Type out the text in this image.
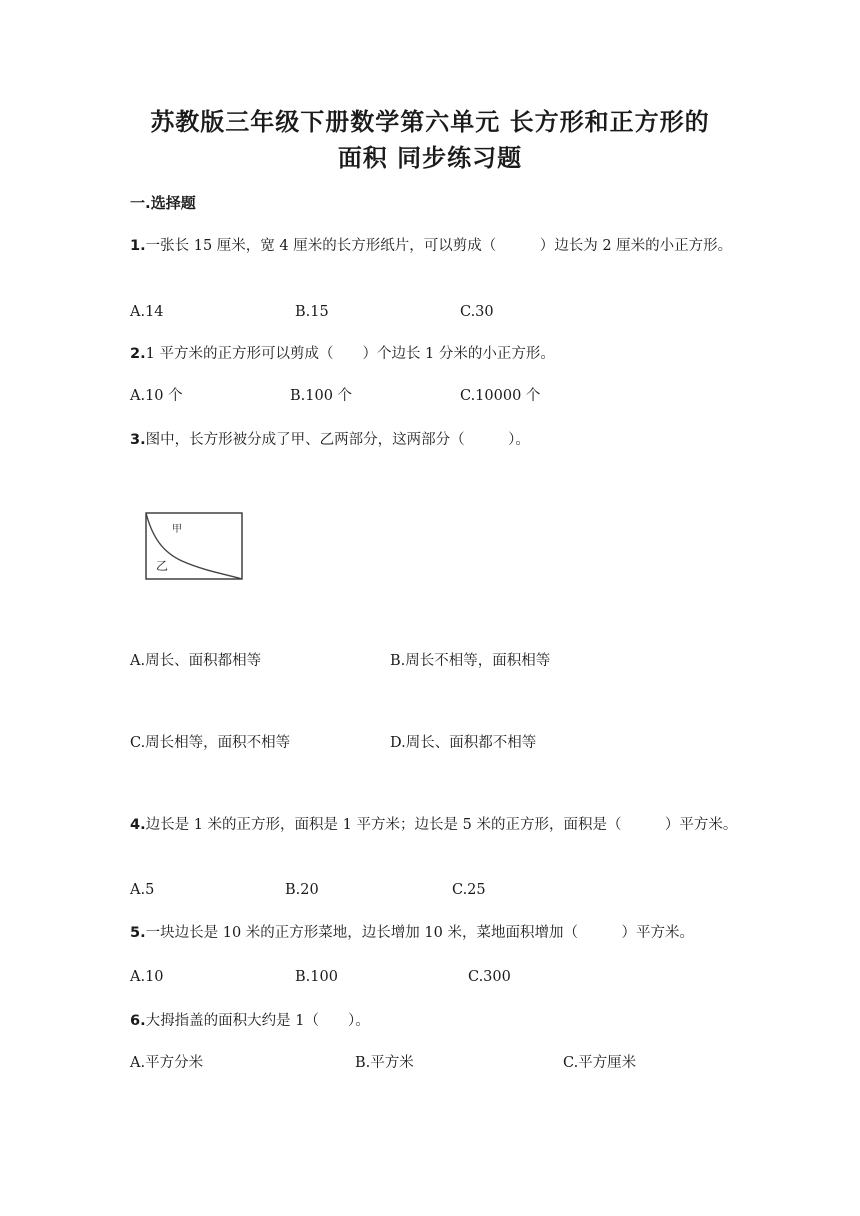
苏教版三年级下册数学第六单元 长方形和正方形的
面积 同步练习题
一.选择题
1.一张长 15 厘米，宽 4 厘米的长方形纸片，可以剪成（　　　）边长为 2 厘米的小正方形。
A.14	B.15	C.30
2.1 平方米的正方形可以剪成（　　）个边长 1 分米的小正方形。
A.10 个	B.100 个	C.10000 个
3.图中，长方形被分成了甲、乙两部分，这两部分（　　　）。
甲
乙
A.周长、面积都相等	B.周长不相等，面积相等
C.周长相等，面积不相等	D.周长、面积都不相等
4.边长是 1 米的正方形，面积是 1 平方米；边长是 5 米的正方形，面积是（　　　）平方米。
A.5	B.20	C.25
5.一块边长是 10 米的正方形菜地，边长增加 10 米，菜地面积增加（　　　）平方米。
A.10	B.100	C.300
6.大拇指盖的面积大约是 1（　　）。
A.平方分米	B.平方米	C.平方厘米
